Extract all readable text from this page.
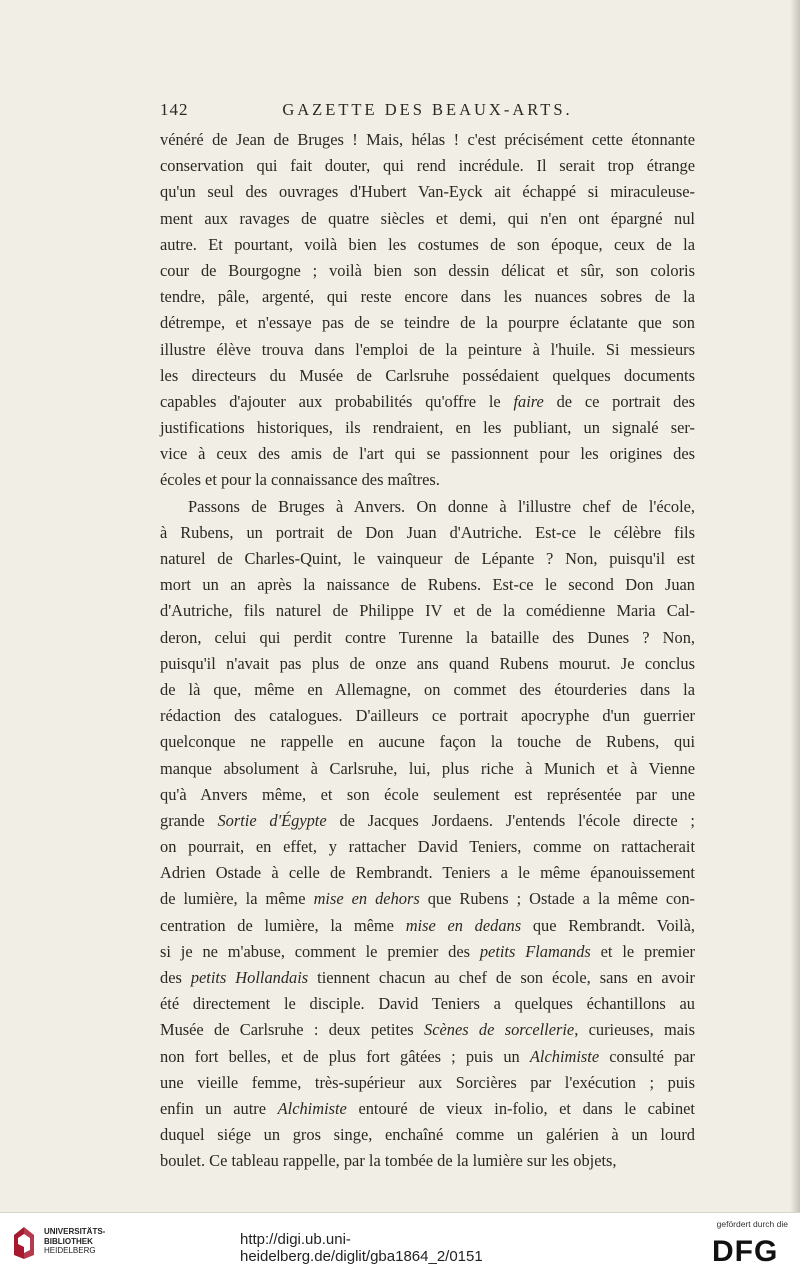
142	GAZETTE DES BEAUX-ARTS.
vénéré de Jean de Bruges ! Mais, hélas ! c'est précisément cette étonnante
conservation qui fait douter, qui rend incrédule. Il serait trop étrange
qu'un seul des ouvrages d'Hubert Van-Eyck ait échappé si miraculeuse-
ment aux ravages de quatre siècles et demi, qui n'en ont épargné nul
autre. Et pourtant, voilà bien les costumes de son époque, ceux de la
cour de Bourgogne ; voilà bien son dessin délicat et sûr, son coloris
tendre, pâle, argenté, qui reste encore dans les nuances sobres de la
détrempe, et n'essaye pas de se teindre de la pourpre éclatante que son
illustre élève trouva dans l'emploi de la peinture à l'huile. Si messieurs
les directeurs du Musée de Carlsruhe possédaient quelques documents
capables d'ajouter aux probabilités qu'offre le faire de ce portrait des
justifications historiques, ils rendraient, en les publiant, un signalé ser-
vice à ceux des amis de l'art qui se passionnent pour les origines des
écoles et pour la connaissance des maîtres.
Passons de Bruges à Anvers. On donne à l'illustre chef de l'école,
à Rubens, un portrait de Don Juan d'Autriche. Est-ce le célèbre fils
naturel de Charles-Quint, le vainqueur de Lépante ? Non, puisqu'il est
mort un an après la naissance de Rubens. Est-ce le second Don Juan
d'Autriche, fils naturel de Philippe IV et de la comédienne Maria Cal-
deron, celui qui perdit contre Turenne la bataille des Dunes ? Non,
puisqu'il n'avait pas plus de onze ans quand Rubens mourut. Je conclus
de là que, même en Allemagne, on commet des étourderies dans la
rédaction des catalogues. D'ailleurs ce portrait apocryphe d'un guerrier
quelconque ne rappelle en aucune façon la touche de Rubens, qui
manque absolument à Carlsruhe, lui, plus riche à Munich et à Vienne
qu'à Anvers même, et son école seulement est représentée par une
grande Sortie d'Égypte de Jacques Jordaens. J'entends l'école directe ;
on pourrait, en effet, y rattacher David Teniers, comme on rattacherait
Adrien Ostade à celle de Rembrandt. Teniers a le même épanouissement
de lumière, la même mise en dehors que Rubens ; Ostade a la même con-
centration de lumière, la même mise en dedans que Rembrandt. Voilà,
si je ne m'abuse, comment le premier des petits Flamands et le premier
des petits Hollandais tiennent chacun au chef de son école, sans en avoir
été directement le disciple. David Teniers a quelques échantillons au
Musée de Carlsruhe : deux petites Scènes de sorcellerie, curieuses, mais
non fort belles, et de plus fort gâtées ; puis un Alchimiste consulté par
une vieille femme, très-supérieur aux Sorcières par l'exécution ; puis
enfin un autre Alchimiste entouré de vieux in-folio, et dans le cabinet
duquel siége un gros singe, enchaîné comme un galérien à un lourd
boulet. Ce tableau rappelle, par la tombée de la lumière sur les objets,
UNIVERSITÄTS-
BIBLIOTHEK
HEIDELBERG
http://digi.ub.uni-heidelberg.de/diglit/gba1864_2/0151
gefördert durch die
DFG
